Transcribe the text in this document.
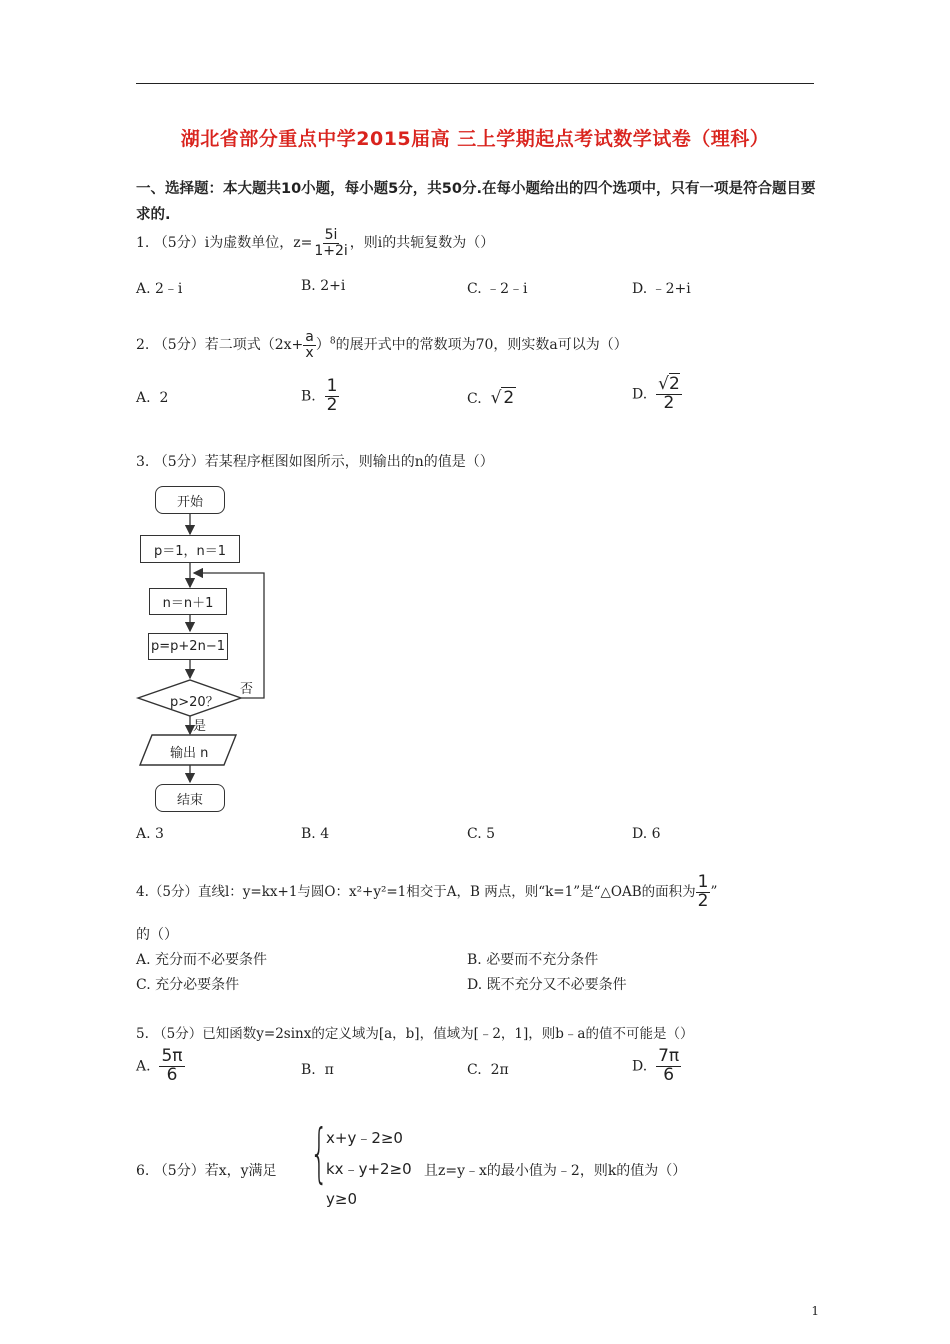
湖北省部分重点中学2015届高 三上学期起点考试数学试卷（理科）
一、选择题：本大题共10小题，每小题5分，共50分.在每小题给出的四个选项中，只有一项是符合题目要求的.
1. （5分）i为虚数单位，$z= \frac{5i}{1+2i}$ ，则i的共轭复数为（）
A. 2﹣i	B. 2+i	C. ﹣2﹣i	D. ﹣2+i
2. （5分）若二项式$(2x+ \frac{a}{x} )^8$的展开式中的常数项为70，则实数a可以为（）
A. 2	B. $\frac{1}{2}$	C. √ 2	D. $\frac{√2}{2}$
3. （5分）若某程序框图如图所示，则输出的n的值是（）
开始
p＝1，n＝1
n＝n＋1
p=p+2n−1
p>20？
否
是
输出 n
结束
A. 3	B. 4	C. 5	D. 6
4.（5分）直线l：y=kx+1与圆O：x²+y²=1相交于A，B 两点，则“k=1”是“△OAB的面积为 $\frac{1}{2}$ ”
的（）
A. 充分而不必要条件	B. 必要而不充分条件
C. 充分必要条件	D. 既不充分又不必要条件
5. （5分）已知函数y=2sinx的定义域为[a，b]，值域为[﹣2，1]，则b﹣a的值不可能是（）
A. $\frac{5\pi}{6}$	B. π	C. 2π	D. $\frac{7\pi}{6}$
6. （5分）若x，y满足 {
x+y﹣2≥0
kx﹣y+2≥0
y≥0
且z=y﹣x的最小值为﹣2，则k的值为（）
1
